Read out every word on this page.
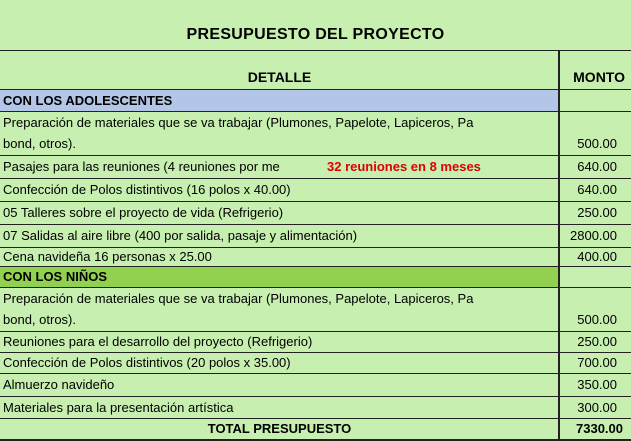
PRESUPUESTO DEL PROYECTO
DETALLE	MONTO
CON LOS ADOLESCENTES
Preparación de materiales que se va trabajar (Plumones, Papelote, Lapiceros, Pa
bond, otros).	500.00
Pasajes para las reuniones (4 reuniones por me	32 reuniones en 8 meses	640.00
Confección de Polos distintivos (16 polos x 40.00)	640.00
05 Talleres sobre el proyecto de vida (Refrigerio)	250.00
07 Salidas al aire libre (400 por salida, pasaje y alimentación)	2800.00
Cena navideña 16 personas x 25.00	400.00
CON LOS NIÑOS
Preparación de materiales que se va trabajar (Plumones, Papelote, Lapiceros, Pa
bond, otros).	500.00
Reuniones para el desarrollo del proyecto (Refrigerio)	250.00
Confección de Polos distintivos (20 polos x 35.00)	700.00
Almuerzo navideño	350.00
Materiales para la presentación artística	300.00
TOTAL PRESUPUESTO	7330.00
